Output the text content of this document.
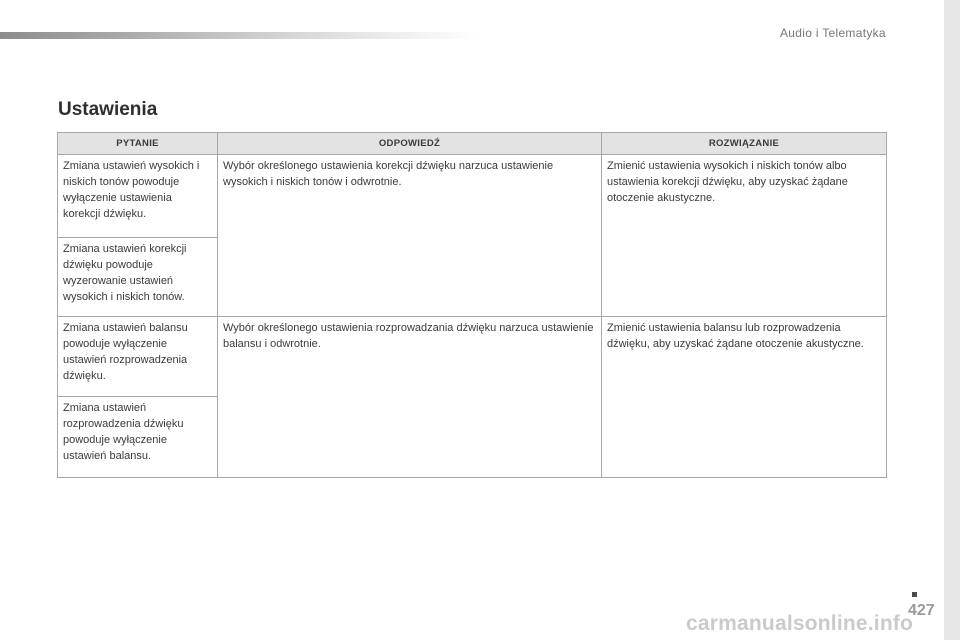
Audio i Telematyka
Ustawienia
PYTANIE	ODPOWIEDŹ	ROZWIĄZANIE
Zmiana ustawień wysokich i niskich tonów powoduje wyłączenie ustawienia korekcji dźwięku.	Wybór określonego ustawienia korekcji dźwięku narzuca ustawienie wysokich i niskich tonów i odwrotnie.	Zmienić ustawienia wysokich i niskich tonów albo ustawienia korekcji dźwięku, aby uzyskać żądane otoczenie akustyczne.
Zmiana ustawień korekcji dźwięku powoduje wyzerowanie ustawień wysokich i niskich tonów.		
Zmiana ustawień balansu powoduje wyłączenie ustawień rozprowadzenia dźwięku.	Wybór określonego ustawienia rozprowadzania dźwięku narzuca ustawienie balansu i odwrotnie.	Zmienić ustawienia balansu lub rozprowadzenia dźwięku, aby uzyskać żądane otoczenie akustyczne.
Zmiana ustawień rozprowadzenia dźwięku powoduje wyłączenie ustawień balansu.		
427
carmanualsonline.info
